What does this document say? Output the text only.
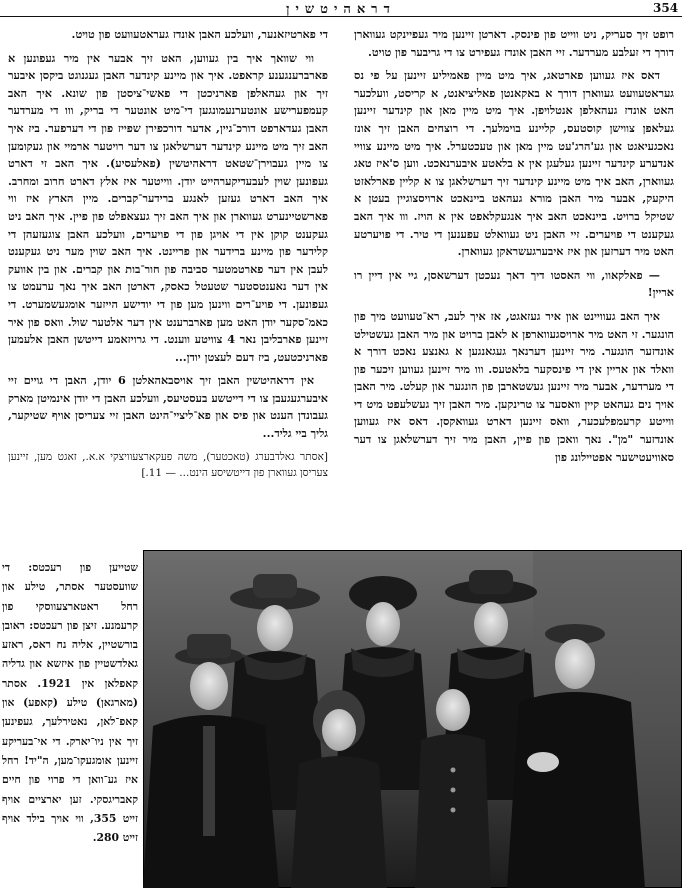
354
דראהיטשין

רופט זיך סעריק, ניט ווייט פון פינסק. דארטן זיינען מיר געפיינקט געווארן דורך די זעלבע מערדער. זיי האבן אונדז געפירט צו די גריבער פון טויט.

דאס איז געווען פארטאג, איך מיט מיין פאמיליע זיינען על פי נס געראטעוועט געווארן דורך א באקאנטן פאליציאנט, א קריסט, וועלכער האט אונדז געהאלפן אנטלויפן. איך מיט מיין מאן און קינדער זיינען געלאפן צווישן קוסטעס, קליינע בוימלעך. די רוצחים האבן זיך אונז נאכגעיאגט און גע'הרג'עט מיין מאן און טעכטערל. איך מיט מיינע צוויי אנדערע קינדער זיינען געלעגן אין א בלאטע איבערנאכט. ווען ס'איז טאג געווארן, האב איך מיט מיינע קינדער זיך דערשלאגן צו א קליין פארלאזט היקעק, אבער מיר האבן מורא געהאט ביינאכט ארויסצוגיין בעטן א שטיקל ברויט. ביינאכט האב איך אנגעקלאפט אין א הויז. ווו איך האב געקענט די פויערים. זיי האבן ניט געוואלט עפענען די טיר. די פויערטע האט מיר דערזען און איז איבערגעשראקן געווארן.

— פאלקאוו, ווי האסטו דיך דאך נעכטן דערשאסן, גיי אין דיין רו אריין!

איך האב געוויינט און איר געזאגט, אז איך לעב, רא־טעוועט מיך פון הונגער. זי האט מיר ארויסגעווארפן א לאבן ברויט און מיר האבן געשטילט אונדזער הונגער. מיר זיינען דערנאך געגאנגען א גאנצע נאכט דורך א וואלד און אריין אין די פינסקער בלאטעס. ווו מיר זיינען געווען זיכער פון די מערדער, אבער מיר זיינען געשטארבן פון הונגער און קעלט. מיר האבן אויך נים געהאט קיין וואסער צו טרינקען. מיר האבן זיך געשלעפט מיט די ווייטע קרעמפלעכער, וואס זיינען דארט געוואקסן. דאס איז געווען אונדזער "מן". נאך וואכן פון פיין, האבן מיר זיך דערשלאגן צו דער סאוויעטישער אפטיילונג פון

די פארטיזאנער, וועלכע האבן אונדז געראטעוועט פון טויט.

ווי שוואך איך בין געווען, האט זיך אבער אין מיר געפונען א פארברענגענע קראפט. איך און מיינע קינדער האבן געגנוגט ביקסן איבער זיך און געהאלפן פארניכטן די פאשי־ציסטן פון שונא. איך האב קעמפערישע אונטערנעמונגען די־מיט אונטער די בריק, ווו די מערדער האבן געדארפט דורכ־גיין, אדער דורכפירן שפייז פון די דערפער. ביז איך האב זיך מיט מיינע קינדער דערשלאגן צו דער רויטער ארמיי און געקומען צו מיין געבוירן־שטאט דראהיטשין (פאלעסיע). איך האב זי דארט געפונען שוין לעבעדיקערהייט יודן. ווייטער איז אלץ דארט חרוב ומחרב. איך האב דארט געזען לאנגע ברידער־קברים. מיין הארץ איז ווי פארשטיינערט געווארן און איך האב זיך געצאפלט פון פיין. איך האב ניט געקענט קוקן אין די אויגן פון די פויערים, וועלכע האבן צוגעזעהן די קלידער פון מיינע ברידער און פריינט. איך האב שוין מער ניט געקענט לעבן אין דער פארטמטער סביבה פון חור־בות און קברים. און בין אוועק אין דער נאענטסטער שטעטל כאסק, דארטן האב איך נאך ערעמט צו געפונען. די פויע־רים ווינען מען פון די יודישע הייזער אומגעשמערט. די כאמ־סקער יודן האט מען פארברענט אין דער אלטער שול. וואס פון איר זיינען פארבליבן נאר 4 צוויטע ווענט. די גרויזאמע דייטשן האבן אלעמען פארניכטעט, ביז דעם לעצטן יודן...

אין דראהיטשין האבן זיך אויסבאהאלטן 6 יודן, האבן די גויים זיי איבערגעגעבן צו די דייטשע בעסטיעס, וועלכע האבן די יודן אינמיטן מארק געבונדן הענט און פיס און פא־ליציי־הינט האבן זיי צעריסן אויף שטיקער, גליך ביי גליד...

[אסתר גאלדבערג (טאכטער), משה פעקארצעוויצקי א.א., זאגט מען, זיינען צעריסן געווארן פון דייטשיסע הינט... — 11.]
שטייען פון רעכטס: די שוועסטער אסתר, טילע און רחל ראטארצעווסקי פון קרעמנע. זיצן פון רעכטס: ראובן בורשטיין, אליה נח ראס, ראזע גאלדשטיין פון איזשא און גדליה קאפלאן אין 1921. אסתר (מארגאן) טילע (קאפע) און קאפ־לאן, נאטירלעך, געפינען זיך אין ניו־יארק. די אי־בעריקע זיינען אומגעקו־מען, ה"יד! רחל איז גע־וואן די פרוי פון חיים קאבריגסקי. זען יארציים אויף זייט 355, ווי אויך בילד אויף זייט 280.
